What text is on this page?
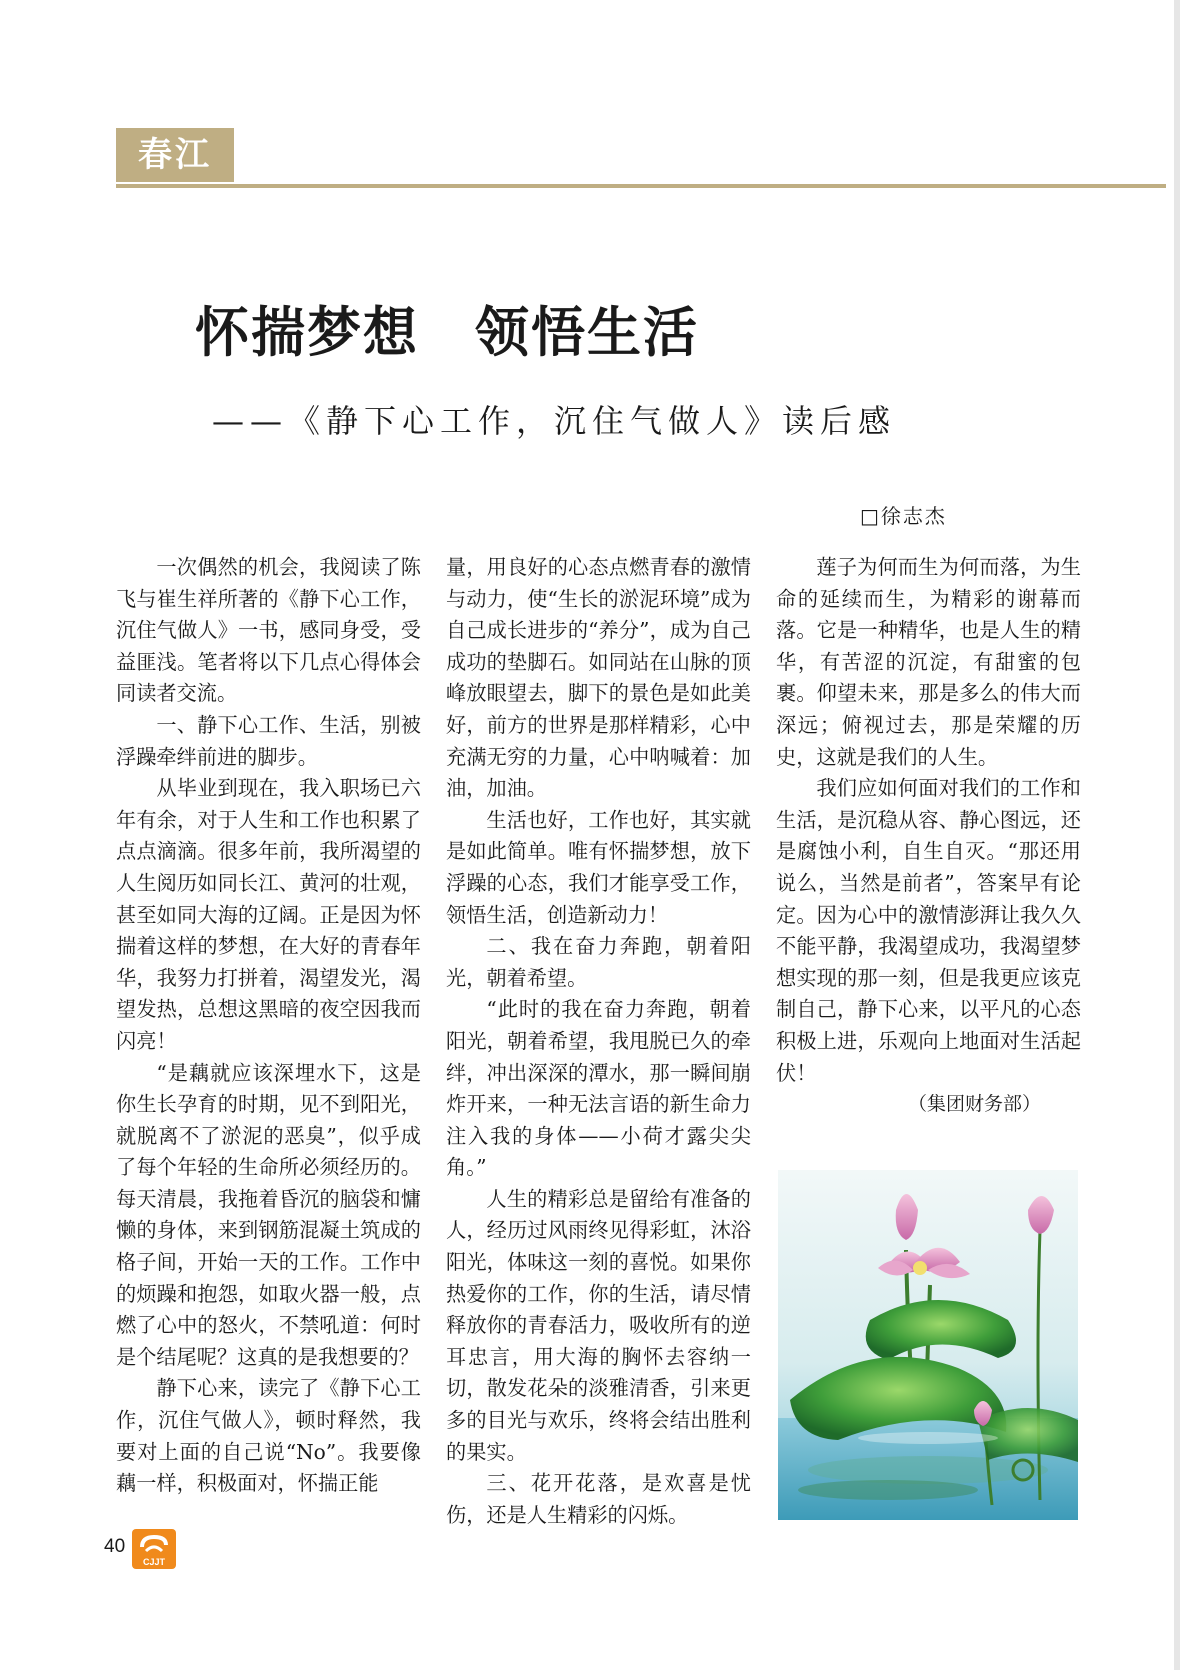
春江
怀揣梦想　领悟生活
——《静下心工作，沉住气做人》读后感
□徐志杰

一次偶然的机会，我阅读了陈飞与崔生祥所著的《静下心工作，沉住气做人》一书，感同身受，受益匪浅。笔者将以下几点心得体会同读者交流。

一、静下心工作、生活，别被浮躁牵绊前进的脚步。

从毕业到现在，我入职场已六年有余，对于人生和工作也积累了点点滴滴。很多年前，我所渴望的人生阅历如同长江、黄河的壮观，甚至如同大海的辽阔。正是因为怀揣着这样的梦想，在大好的青春年华，我努力打拼着，渴望发光，渴望发热，总想这黑暗的夜空因我而闪亮！

“是藕就应该深埋水下，这是你生长孕育的时期，见不到阳光，就脱离不了淤泥的恶臭”，似乎成了每个年轻的生命所必须经历的。每天清晨，我拖着昏沉的脑袋和慵懒的身体，来到钢筋混凝土筑成的格子间，开始一天的工作。工作中的烦躁和抱怨，如取火器一般，点燃了心中的怒火，不禁吼道：何时是个结尾呢？这真的是我想要的？

静下心来，读完了《静下心工作，沉住气做人》，顿时释然，我要对上面的自己说“No”。我要像藕一样，积极面对，怀揣正能

量，用良好的心态点燃青春的激情与动力，使“生长的淤泥环境”成为自己成长进步的“养分”，成为自己成功的垫脚石。如同站在山脉的顶峰放眼望去，脚下的景色是如此美好，前方的世界是那样精彩，心中充满无穷的力量，心中呐喊着：加油，加油。

生活也好，工作也好，其实就是如此简单。唯有怀揣梦想，放下浮躁的心态，我们才能享受工作，领悟生活，创造新动力！

二、我在奋力奔跑，朝着阳光，朝着希望。

“此时的我在奋力奔跑，朝着阳光，朝着希望，我甩脱已久的牵绊，冲出深深的潭水，那一瞬间崩炸开来，一种无法言语的新生命力注入我的身体——小荷才露尖尖角。”

人生的精彩总是留给有准备的人，经历过风雨终见得彩虹，沐浴阳光，体味这一刻的喜悦。如果你热爱你的工作，你的生活，请尽情释放你的青春活力，吸收所有的逆耳忠言，用大海的胸怀去容纳一切，散发花朵的淡雅清香，引来更多的目光与欢乐，终将会结出胜利的果实。

三、花开花落，是欢喜是忧伤，还是人生精彩的闪烁。

莲子为何而生为何而落，为生命的延续而生，为精彩的谢幕而落。它是一种精华，也是人生的精华，有苦涩的沉淀，有甜蜜的包裹。仰望未来，那是多么的伟大而深远；俯视过去，那是荣耀的历史，这就是我们的人生。

我们应如何面对我们的工作和生活，是沉稳从容、静心图远，还是腐蚀小利，自生自灭。“那还用说么，当然是前者”，答案早有论定。因为心中的激情澎湃让我久久不能平静，我渴望成功，我渴望梦想实现的那一刻，但是我更应该克制自己，静下心来，以平凡的心态积极上进，乐观向上地面对生活起伏！

（集团财务部）

40
CJJT
